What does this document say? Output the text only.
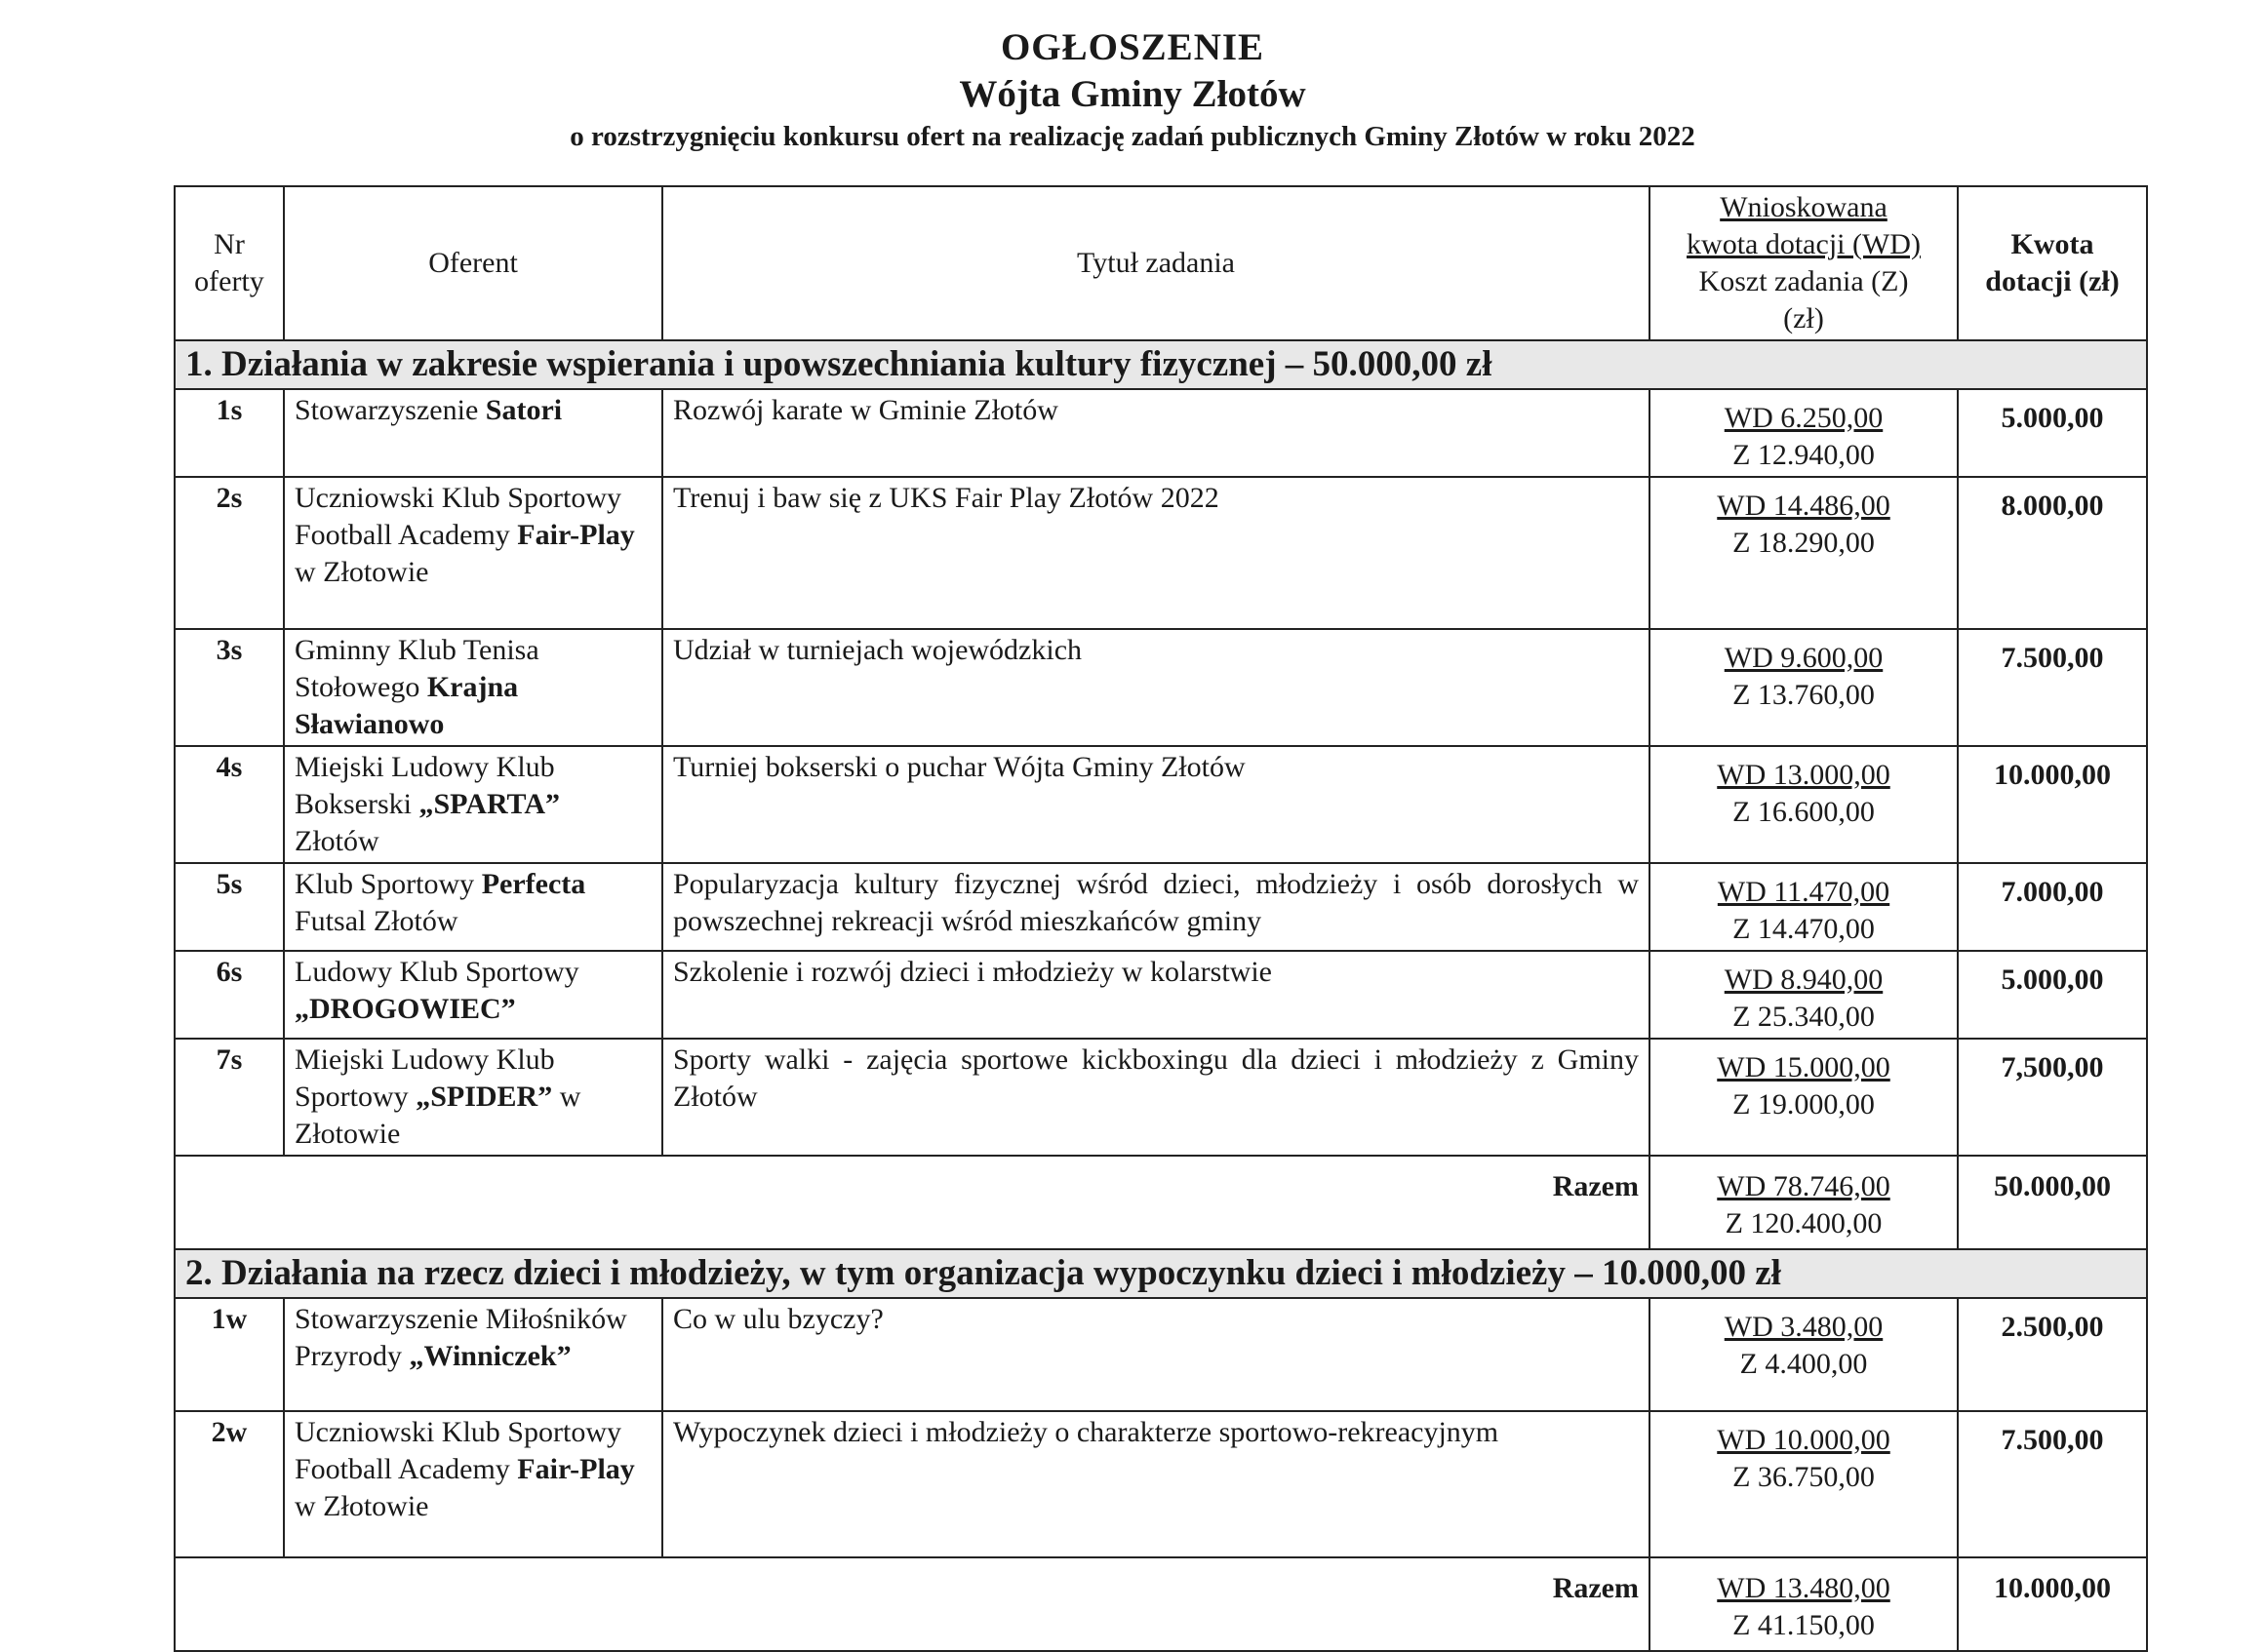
OGŁOSZENIE
Wójta Gminy Złotów
o rozstrzygnięciu konkursu ofert na realizację zadań publicznych Gminy Złotów w roku 2022
Nr oferty	Oferent	Tytuł zadania	Wnioskowana
kwota dotacji (WD)
Koszt zadania (Z)
(zł)	Kwota dotacji (zł)
1. Działania w zakresie wspierania i upowszechniania kultury fizycznej – 50.000,00 zł				
1s	Stowarzyszenie Satori	Rozwój karate w Gminie Złotów	WD 6.250,00
Z 12.940,00	5.000,00
2s	Uczniowski Klub Sportowy Football Academy Fair-Play w Złotowie	Trenuj i baw się z UKS Fair Play Złotów 2022	WD 14.486,00
Z 18.290,00	8.000,00
3s	Gminny Klub Tenisa Stołowego Krajna Sławianowo	Udział w turniejach wojewódzkich	WD 9.600,00
Z 13.760,00	7.500,00
4s	Miejski Ludowy Klub Bokserski „SPARTA” Złotów	Turniej bokserski o puchar Wójta Gminy Złotów	WD 13.000,00
Z 16.600,00	10.000,00
5s	Klub Sportowy Perfecta Futsal Złotów	Popularyzacja kultury fizycznej wśród dzieci, młodzieży i osób dorosłych w powszechnej rekreacji wśród mieszkańców gminy	WD 11.470,00
Z 14.470,00	7.000,00
6s	Ludowy Klub Sportowy „DROGOWIEC”	Szkolenie i rozwój dzieci i młodzieży w kolarstwie	WD 8.940,00
Z 25.340,00	5.000,00
7s	Miejski Ludowy Klub Sportowy „SPIDER” w Złotowie	Sporty walki - zajęcia sportowe kickboxingu dla dzieci i młodzieży z Gminy Złotów	WD 15.000,00
Z 19.000,00	7,500,00
Razem			WD 78.746,00
Z 120.400,00	50.000,00
2. Działania na rzecz dzieci i młodzieży, w tym organizacja wypoczynku dzieci i młodzieży – 10.000,00 zł				
1w	Stowarzyszenie Miłośników Przyrody „Winniczek”	Co w ulu bzyczy?	WD 3.480,00
Z 4.400,00	2.500,00
2w	Uczniowski Klub Sportowy Football Academy Fair-Play w Złotowie	Wypoczynek dzieci i młodzieży o charakterze sportowo-rekreacyjnym	WD 10.000,00
Z 36.750,00	7.500,00
Razem			WD 13.480,00
Z 41.150,00	10.000,00
